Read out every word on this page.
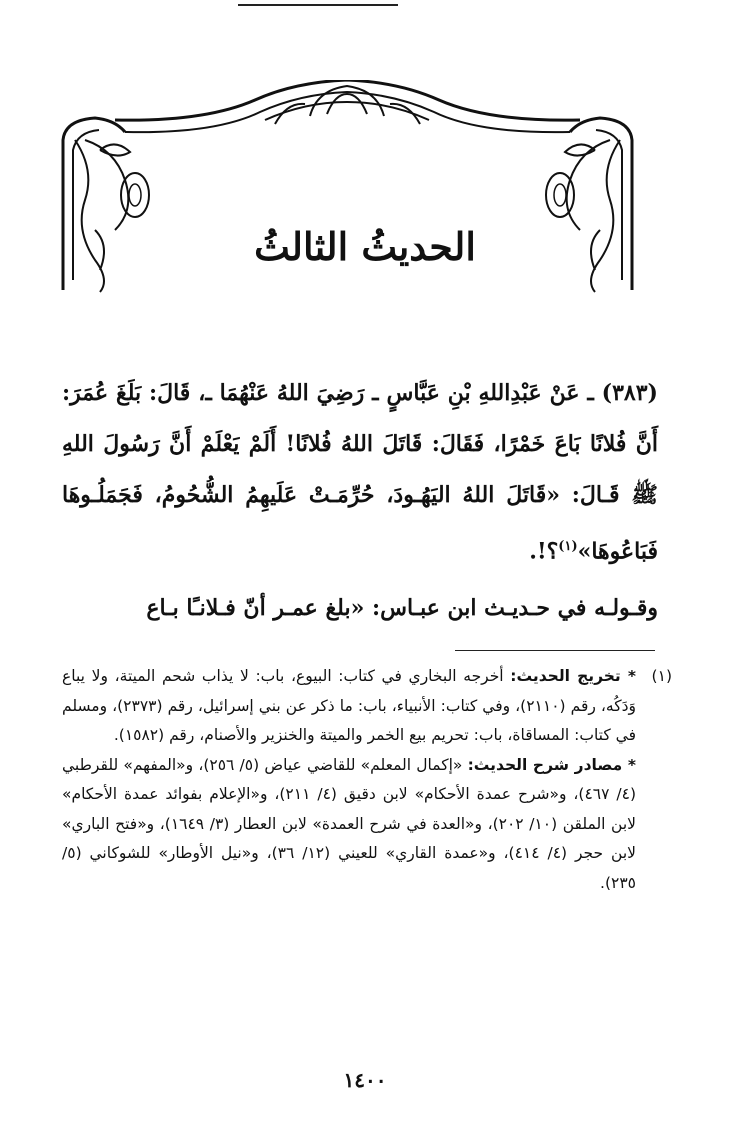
الحديثُ الثالثُ

(٣٨٣) ـ عَنْ عَبْدِاللهِ بْنِ عَبَّاسٍ ـ رَضِيَ اللهُ عَنْهُمَا ـ، قَالَ: بَلَغَ عُمَرَ: أَنَّ فُلانًا بَاعَ خَمْرًا، فَقَالَ: قَاتَلَ اللهُ فُلانًا! أَلَمْ يَعْلَمْ أَنَّ رَسُولَ اللهِ ﷺ قَـالَ: «قَاتَلَ اللهُ اليَهُـودَ، حُرِّمَـتْ عَلَيهِمُ الشُّحُومُ، فَجَمَلُـوهَا فَبَاعُوهَا»$^{(١)}$؟!.

وقـولـه في حـديـث ابن عبـاس: «بلغ عمـر أنّ فـلانـًا بـاع
(١)

* تخريج الحديث: أخرجه البخاري في كتاب: البيوع، باب: لا يذاب شحم الميتة، ولا يباع وَدَكُه، رقم (٢١١٠)، وفي كتاب: الأنبياء، باب: ما ذكر عن بني إسرائيل، رقم (٢٣٧٣)، ومسلم في كتاب: المساقاة، باب: تحريم بيع الخمر والميتة والخنزير والأصنام، رقم (١٥٨٢).

* مصادر شرح الحديث: «إكمال المعلم» للقاضي عياض (٥/ ٢٥٦)، و«المفهم» للقرطبي (٤/ ٤٦٧)، و«شرح عمدة الأحكام» لابن دقيق (٤/ ٢١١)، و«الإعلام بفوائد عمدة الأحكام» لابن الملقن (١٠/ ٢٠٢)، و«العدة في شرح العمدة» لابن العطار (٣/ ١٦٤٩)، و«فتح الباري» لابن حجر (٤/ ٤١٤)، و«عمدة القاري» للعيني (١٢/ ٣٦)، و«نيل الأوطار» للشوكاني (٥/ ٢٣٥).

١٤٠٠
